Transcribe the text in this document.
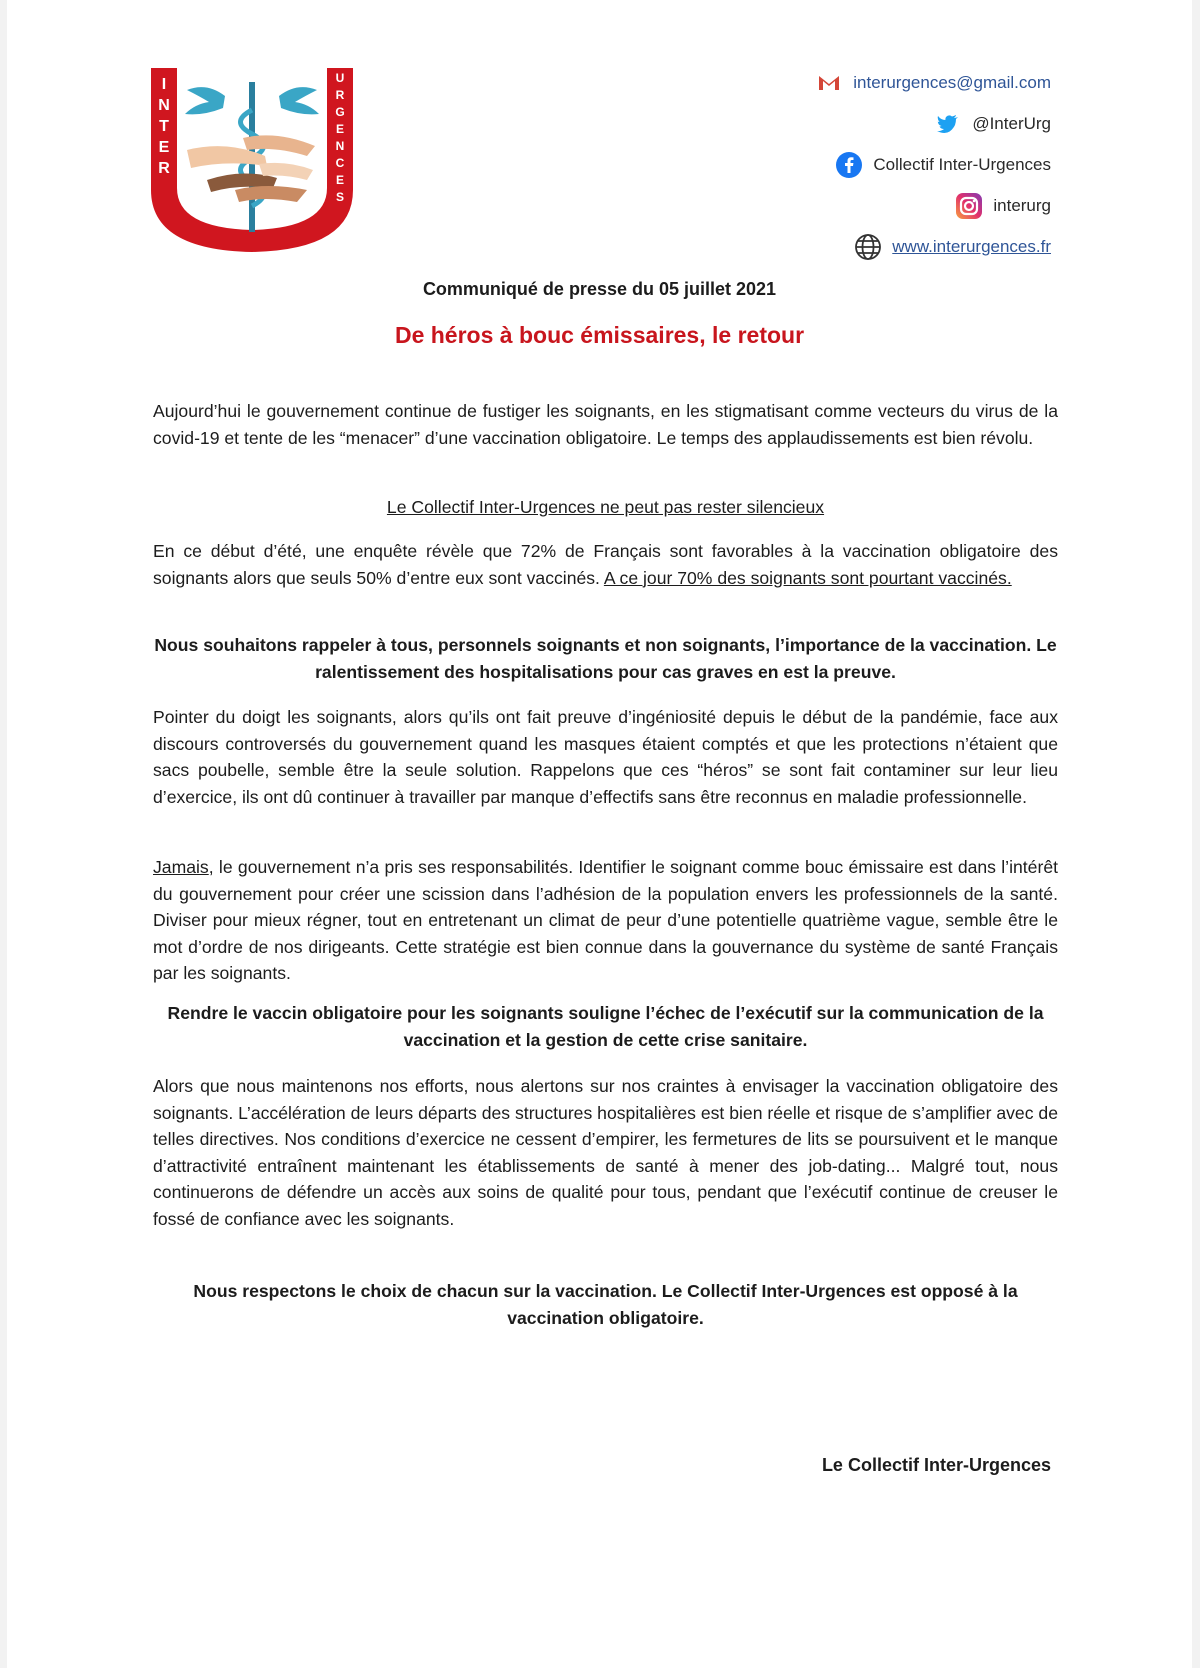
I
N
T
E
R
U
R
G
E
N
C
E
S
interurgences@gmail.com
@InterUrg
Collectif Inter-Urgences
interurg
www.interurgences.fr
Communiqué de presse du 05 juillet 2021
De héros à bouc émissaires, le retour

Aujourd’hui le gouvernement continue de fustiger les soignants, en les stigmatisant comme vecteurs du virus de la covid-19 et tente de les “menacer” d’une vaccination obligatoire. Le temps des applaudissements est bien révolu.

Le Collectif Inter-Urgences ne peut pas rester silencieux

En ce début d’été, une enquête révèle que 72% de Français sont favorables à la vaccination obligatoire des soignants alors que seuls 50% d’entre eux sont vaccinés. A ce jour 70% des soignants sont pourtant vaccinés.

Nous souhaitons rappeler à tous, personnels soignants et non soignants, l’importance de la vaccination. Le ralentissement des hospitalisations pour cas graves en est la preuve.

Pointer du doigt les soignants, alors qu’ils ont fait preuve d’ingéniosité depuis le début de la pandémie, face aux discours controversés du gouvernement quand les masques étaient comptés et que les protections n’étaient que sacs poubelle, semble être la seule solution. Rappelons que ces “héros” se sont fait contaminer sur leur lieu d’exercice, ils ont dû continuer à travailler par manque d’effectifs sans être reconnus en maladie professionnelle.

Jamais, le gouvernement n’a pris ses responsabilités. Identifier le soignant comme bouc émissaire est dans l’intérêt du gouvernement pour créer une scission dans l’adhésion de la population envers les professionnels de la santé. Diviser pour mieux régner, tout en entretenant un climat de peur d’une potentielle quatrième vague, semble être le mot d’ordre de nos dirigeants. Cette stratégie est bien connue dans la gouvernance du système de santé Français par les soignants.

Rendre le vaccin obligatoire pour les soignants souligne l’échec de l’exécutif sur la communication de la vaccination et la gestion de cette crise sanitaire.

Alors que nous maintenons nos efforts, nous alertons sur nos craintes à envisager la vaccination obligatoire des soignants. L’accélération de leurs départs des structures hospitalières est bien réelle et risque de s’amplifier avec de telles directives. Nos conditions d’exercice ne cessent d’empirer, les fermetures de lits se poursuivent et le manque d’attractivité entraînent maintenant les établissements de santé à mener des job-dating... Malgré tout, nous continuerons de défendre un accès aux soins de qualité pour tous, pendant que l’exécutif continue de creuser le fossé de confiance avec les soignants.

Nous respectons le choix de chacun sur la vaccination. Le Collectif Inter-Urgences est opposé à la vaccination obligatoire.

Le Collectif Inter-Urgences
